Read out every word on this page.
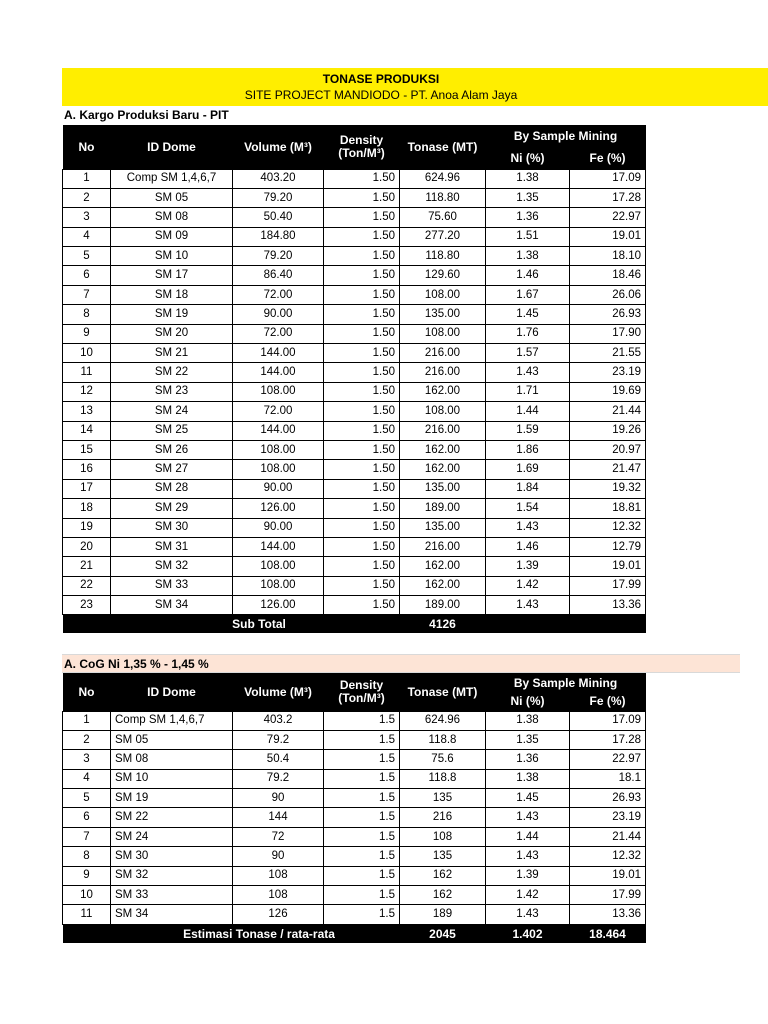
TONASE PRODUKSI
SITE PROJECT MANDIODO - PT. Anoa Alam Jaya
A. Kargo Produksi Baru - PIT
No	ID Dome	Volume (M³)	Density (Ton/M³)	Tonase (MT)	By Sample Mining	
					Ni (%)	Fe (%)
1	Comp SM 1,4,6,7	403.20	1.50	624.96	1.38	17.09
2	SM 05	79.20	1.50	118.80	1.35	17.28
3	SM 08	50.40	1.50	75.60	1.36	22.97
4	SM 09	184.80	1.50	277.20	1.51	19.01
5	SM 10	79.20	1.50	118.80	1.38	18.10
6	SM 17	86.40	1.50	129.60	1.46	18.46
7	SM 18	72.00	1.50	108.00	1.67	26.06
8	SM 19	90.00	1.50	135.00	1.45	26.93
9	SM 20	72.00	1.50	108.00	1.76	17.90
10	SM 21	144.00	1.50	216.00	1.57	21.55
11	SM 22	144.00	1.50	216.00	1.43	23.19
12	SM 23	108.00	1.50	162.00	1.71	19.69
13	SM 24	72.00	1.50	108.00	1.44	21.44
14	SM 25	144.00	1.50	216.00	1.59	19.26
15	SM 26	108.00	1.50	162.00	1.86	20.97
16	SM 27	108.00	1.50	162.00	1.69	21.47
17	SM 28	90.00	1.50	135.00	1.84	19.32
18	SM 29	126.00	1.50	189.00	1.54	18.81
19	SM 30	90.00	1.50	135.00	1.43	12.32
20	SM 31	144.00	1.50	216.00	1.46	12.79
21	SM 32	108.00	1.50	162.00	1.39	19.01
22	SM 33	108.00	1.50	162.00	1.42	17.99
23	SM 34	126.00	1.50	189.00	1.43	13.36
Sub Total				4126		
A. CoG Ni 1,35 % - 1,45 %
No	ID Dome	Volume (M³)	Density (Ton/M³)	Tonase (MT)	By Sample Mining	
					Ni (%)	Fe (%)
1	Comp SM 1,4,6,7	403.2	1.5	624.96	1.38	17.09
2	SM 05	79.2	1.5	118.8	1.35	17.28
3	SM 08	50.4	1.5	75.6	1.36	22.97
4	SM 10	79.2	1.5	118.8	1.38	18.1
5	SM 19	90	1.5	135	1.45	26.93
6	SM 22	144	1.5	216	1.43	23.19
7	SM 24	72	1.5	108	1.44	21.44
8	SM 30	90	1.5	135	1.43	12.32
9	SM 32	108	1.5	162	1.39	19.01
10	SM 33	108	1.5	162	1.42	17.99
11	SM 34	126	1.5	189	1.43	13.36
Estimasi Tonase / rata-rata				2045	1.402	18.464
